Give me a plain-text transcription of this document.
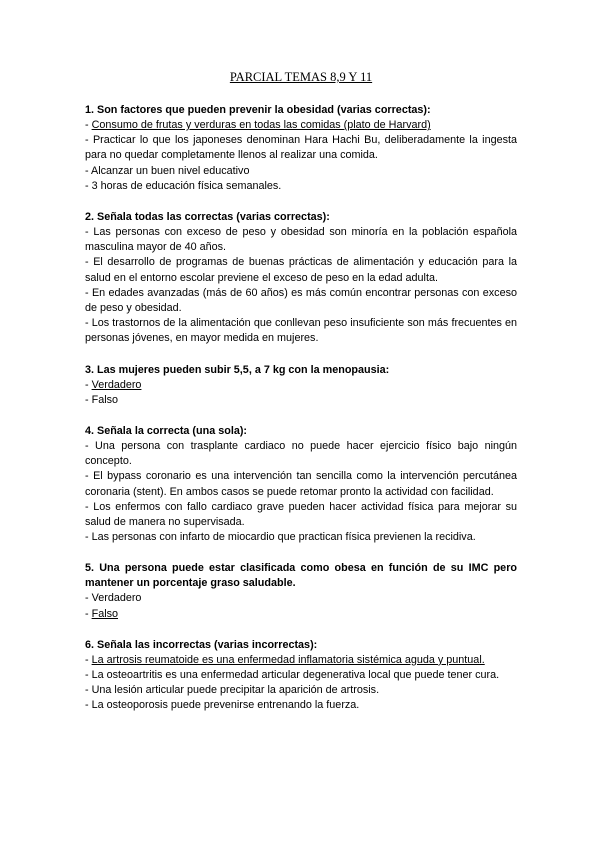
PARCIAL TEMAS 8,9 Y 11

1. Son factores que pueden prevenir la obesidad (varias correctas):

- Consumo de frutas y verduras en todas las comidas (plato de Harvard)

- Practicar lo que los japoneses denominan Hara Hachi Bu, deliberadamente la ingesta para no quedar completamente llenos al realizar una comida.

- Alcanzar un buen nivel educativo

- 3 horas de educación física semanales.

2. Señala todas las correctas (varias correctas):

- Las personas con exceso de peso y obesidad son minoría en la población española masculina mayor de 40 años.

- El desarrollo de programas de buenas prácticas de alimentación y educación para la salud en el entorno escolar previene el exceso de peso en la edad adulta.

- En edades avanzadas (más de 60 años) es más común encontrar personas con exceso de peso y obesidad.

- Los trastornos de la alimentación que conllevan peso insuficiente son más frecuentes en personas jóvenes, en mayor medida en mujeres.

3. Las mujeres pueden subir 5,5, a 7 kg con la menopausia:

- Verdadero

- Falso

4. Señala la correcta (una sola):

- Una persona con trasplante cardiaco no puede hacer ejercicio físico bajo ningún concepto.

- El bypass coronario es una intervención tan sencilla como la intervención percutánea coronaria (stent). En ambos casos se puede retomar pronto la actividad con facilidad.

- Los enfermos con fallo cardiaco grave pueden hacer actividad física para mejorar su salud de manera no supervisada.

- Las personas con infarto de miocardio que practican física previenen la recidiva.

5. Una persona puede estar clasificada como obesa en función de su IMC pero mantener un porcentaje graso saludable.

- Verdadero

- Falso

6. Señala las incorrectas (varias incorrectas):

- La artrosis reumatoide es una enfermedad inflamatoria sistémica aguda y puntual.

- La osteoartritis es una enfermedad articular degenerativa local que puede tener cura.

- Una lesión articular puede precipitar la aparición de artrosis.

- La osteoporosis puede prevenirse entrenando la fuerza.
